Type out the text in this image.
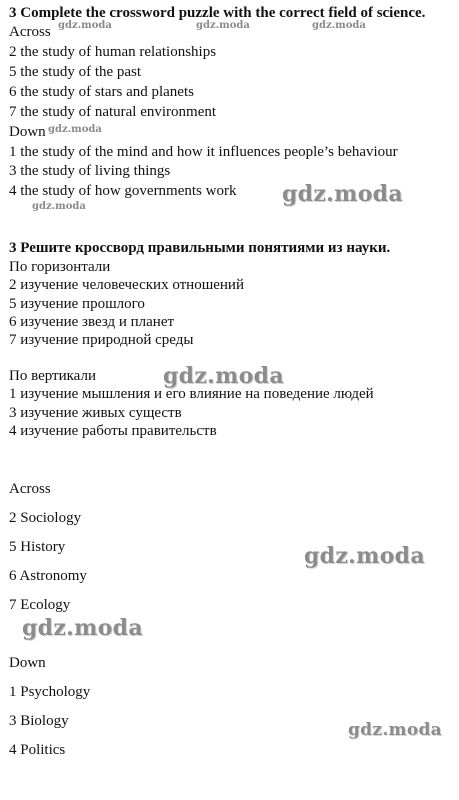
3 Complete the crossword puzzle with the correct field of science.
Across
2 the study of human relationships
5 the study of the past
6 the study of stars and planets
7 the study of natural environment
Down
1 the study of the mind and how it influences people’s behaviour
3 the study of living things
4 the study of how governments work
3 Решите кроссворд правильными понятиями из науки.
По горизонтали
2 изучение человеческих отношений
5 изучение прошлого
6 изучение звезд и планет
7 изучение природной среды
По вертикали
1 изучение мышления и его влияние на поведение людей
3 изучение живых существ
4 изучение работы правительств
Across
2 Sociology
5 History
6 Astronomy
7 Ecology
Down
1 Psychology
3 Biology
4 Politics
gdz.moda	gdz.moda	gdz.moda
gdz.moda
gdz.moda	gdz.moda
gdz.moda
gdz.moda
gdz.moda
gdz.moda
